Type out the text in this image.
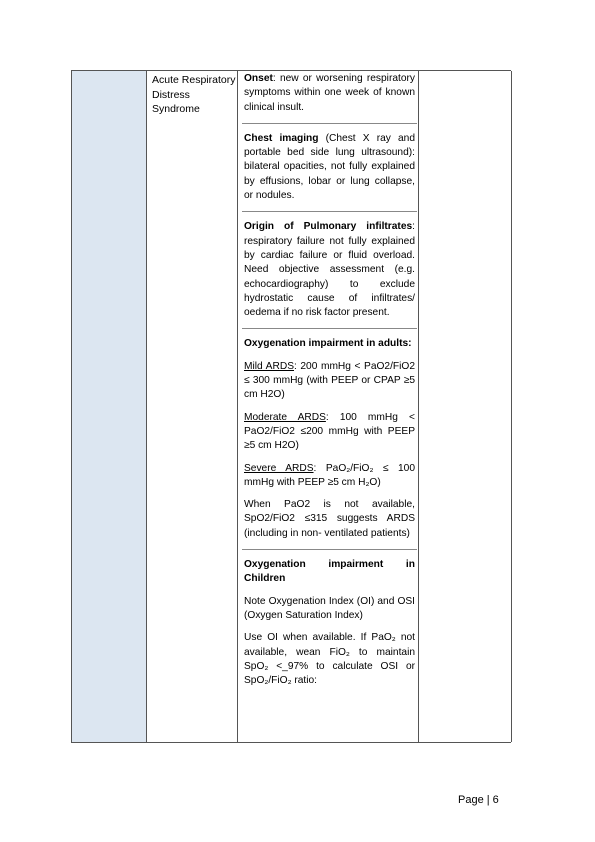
Acute Respiratory Distress Syndrome

Onset: new or worsening respiratory symptoms within one week of known clinical insult.

Chest imaging (Chest X ray and portable bed side lung ultrasound): bilateral opacities, not fully explained by effusions, lobar or lung collapse, or nodules.

Origin of Pulmonary infiltrates: respiratory failure not fully explained by cardiac failure or fluid overload. Need objective assessment (e.g. echocardiography) to exclude hydrostatic cause of infiltrates/ oedema if no risk factor present.

Oxygenation impairment in adults:

Mild ARDS: 200 mmHg < PaO2/FiO2 ≤ 300 mmHg (with PEEP or CPAP ≥5 cm H2O)

Moderate ARDS: 100 mmHg < PaO2/FiO2 ≤200 mmHg with PEEP ≥5 cm H2O)

Severe ARDS: PaO₂/FiO₂ ≤ 100 mmHg with PEEP ≥5 cm H₂O)

When PaO2 is not available, SpO2/FiO2 ≤315 suggests ARDS (including in non- ventilated patients)

Oxygenation impairment in Children

Note Oxygenation Index (OI) and OSI (Oxygen Saturation Index)

Use OI when available. If PaO₂ not available, wean FiO₂ to maintain SpO₂ <_97% to calculate OSI or SpO₂/FiO₂ ratio:

Page | 6
